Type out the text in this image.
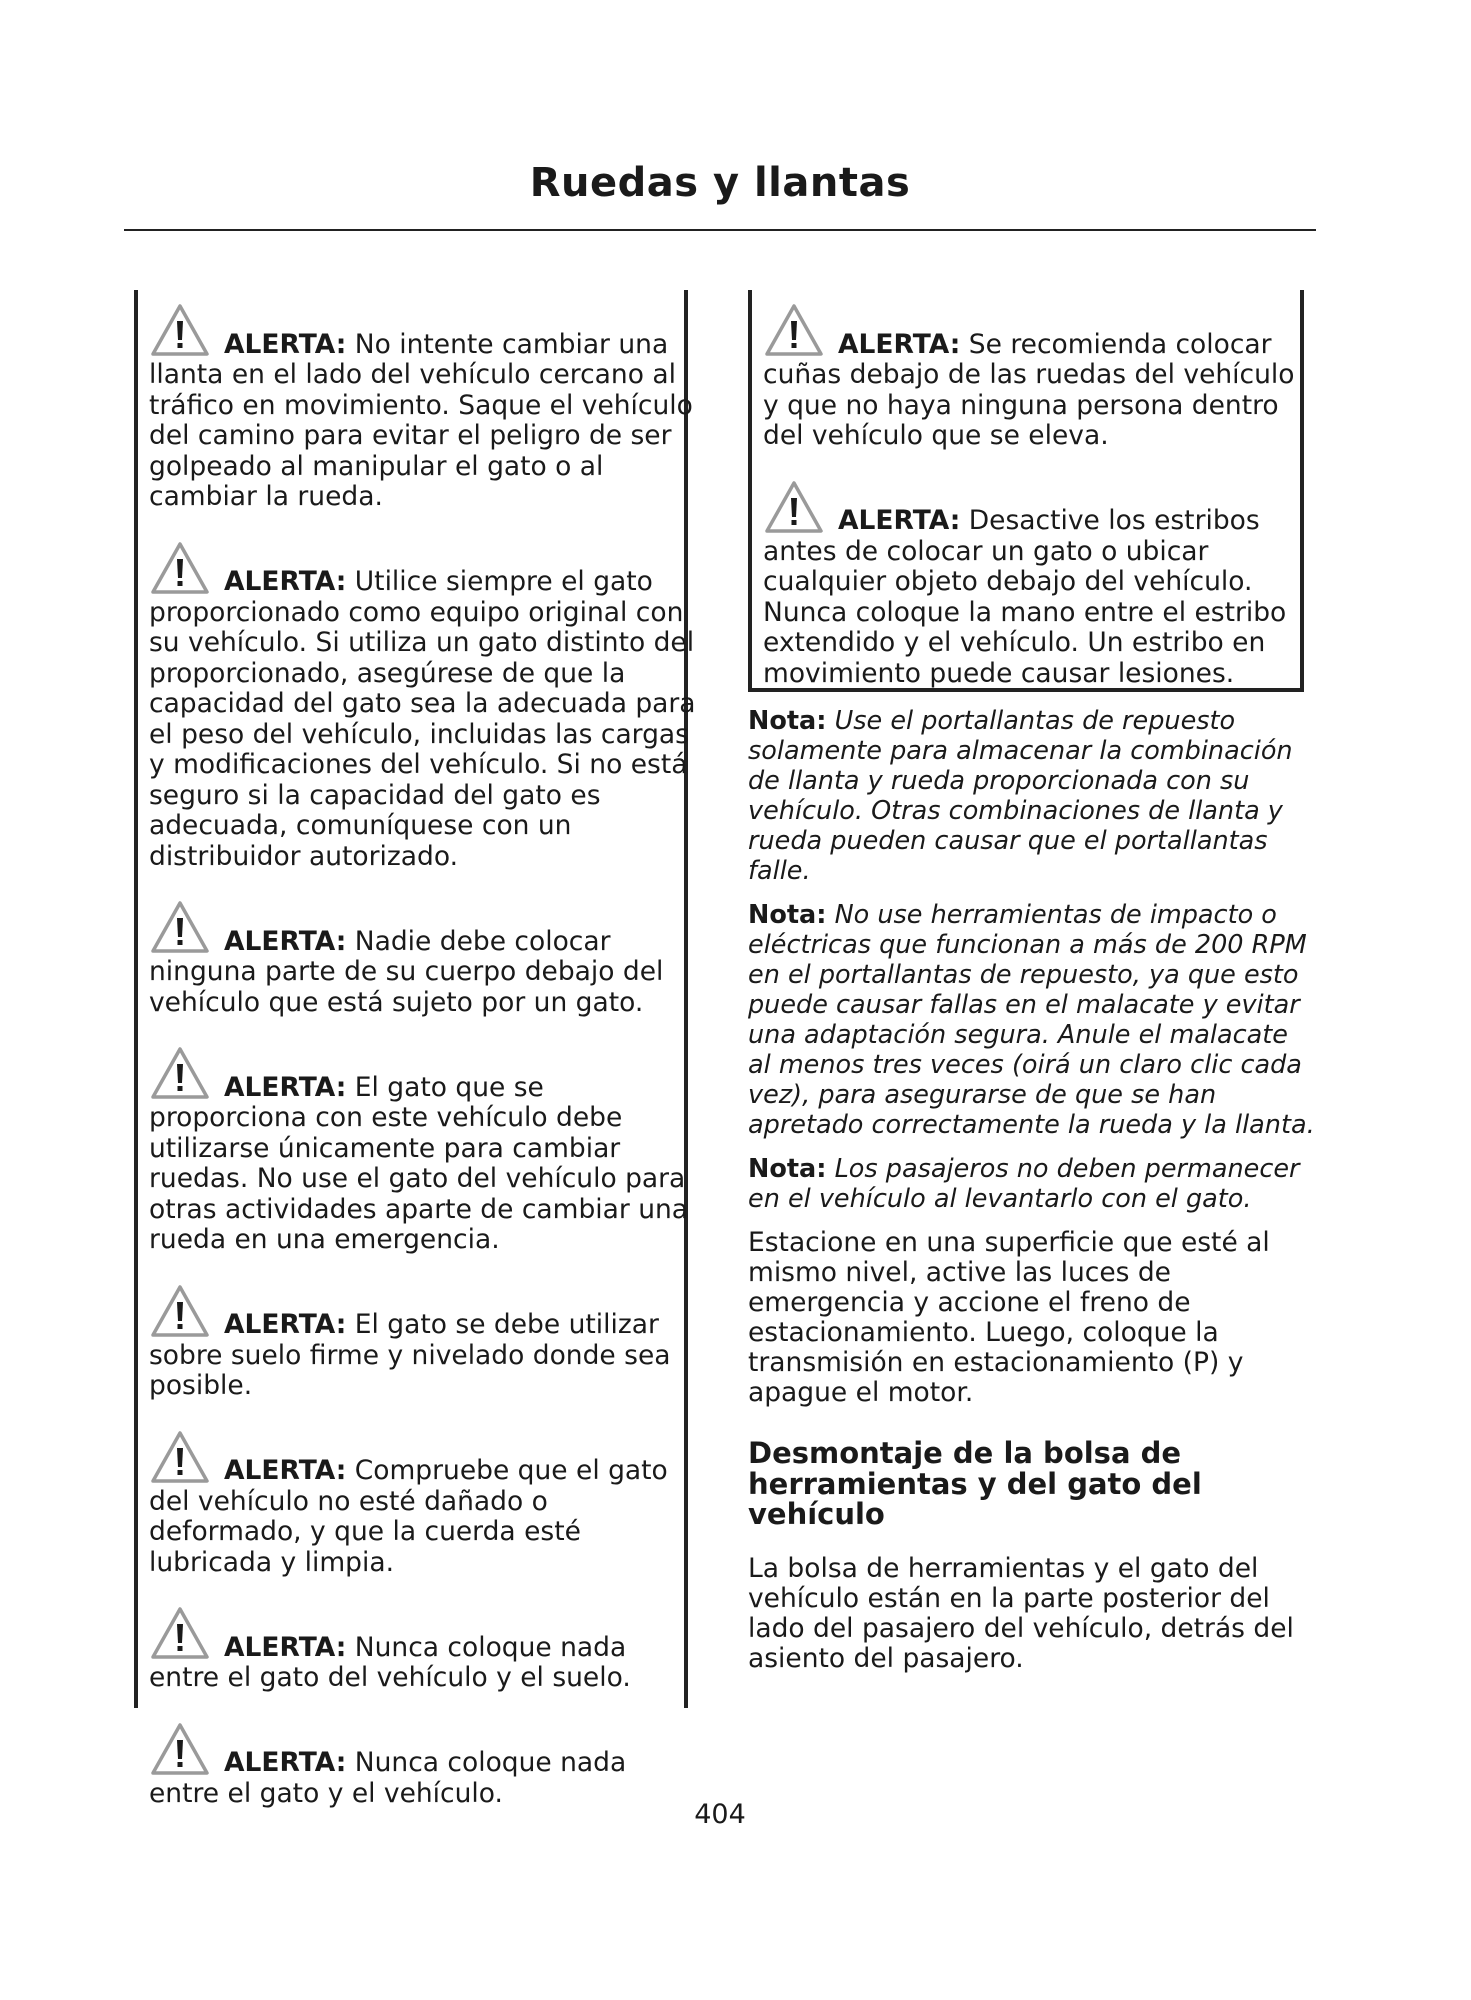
Ruedas y llantas
ALERTA: No intente cambiar una
llanta en el lado del vehículo cercano al
tráfico en movimiento. Saque el vehículo
del camino para evitar el peligro de ser
golpeado al manipular el gato o al
cambiar la rueda.
ALERTA: Utilice siempre el gato
proporcionado como equipo original con
su vehículo. Si utiliza un gato distinto del
proporcionado, asegúrese de que la
capacidad del gato sea la adecuada para
el peso del vehículo, incluidas las cargas
y modificaciones del vehículo. Si no está
seguro si la capacidad del gato es
adecuada, comuníquese con un
distribuidor autorizado.
ALERTA: Nadie debe colocar
ninguna parte de su cuerpo debajo del
vehículo que está sujeto por un gato.
ALERTA: El gato que se
proporciona con este vehículo debe
utilizarse únicamente para cambiar
ruedas. No use el gato del vehículo para
otras actividades aparte de cambiar una
rueda en una emergencia.
ALERTA: El gato se debe utilizar
sobre suelo firme y nivelado donde sea
posible.
ALERTA: Compruebe que el gato
del vehículo no esté dañado o
deformado, y que la cuerda esté
lubricada y limpia.
ALERTA: Nunca coloque nada
entre el gato del vehículo y el suelo.
ALERTA: Nunca coloque nada
entre el gato y el vehículo.
ALERTA: Se recomienda colocar
cuñas debajo de las ruedas del vehículo
y que no haya ninguna persona dentro
del vehículo que se eleva.
ALERTA: Desactive los estribos
antes de colocar un gato o ubicar
cualquier objeto debajo del vehículo.
Nunca coloque la mano entre el estribo
extendido y el vehículo. Un estribo en
movimiento puede causar lesiones.
Nota: Use el portallantas de repuesto
solamente para almacenar la combinación
de llanta y rueda proporcionada con su
vehículo. Otras combinaciones de llanta y
rueda pueden causar que el portallantas
falle.
Nota: No use herramientas de impacto o
eléctricas que funcionan a más de 200 RPM
en el portallantas de repuesto, ya que esto
puede causar fallas en el malacate y evitar
una adaptación segura. Anule el malacate
al menos tres veces (oirá un claro clic cada
vez), para asegurarse de que se han
apretado correctamente la rueda y la llanta.
Nota: Los pasajeros no deben permanecer
en el vehículo al levantarlo con el gato.
Estacione en una superficie que esté al
mismo nivel, active las luces de
emergencia y accione el freno de
estacionamiento. Luego, coloque la
transmisión en estacionamiento (P) y
apague el motor.
Desmontaje de la bolsa de
herramientas y del gato del
vehículo
La bolsa de herramientas y el gato del
vehículo están en la parte posterior del
lado del pasajero del vehículo, detrás del
asiento del pasajero.
404
